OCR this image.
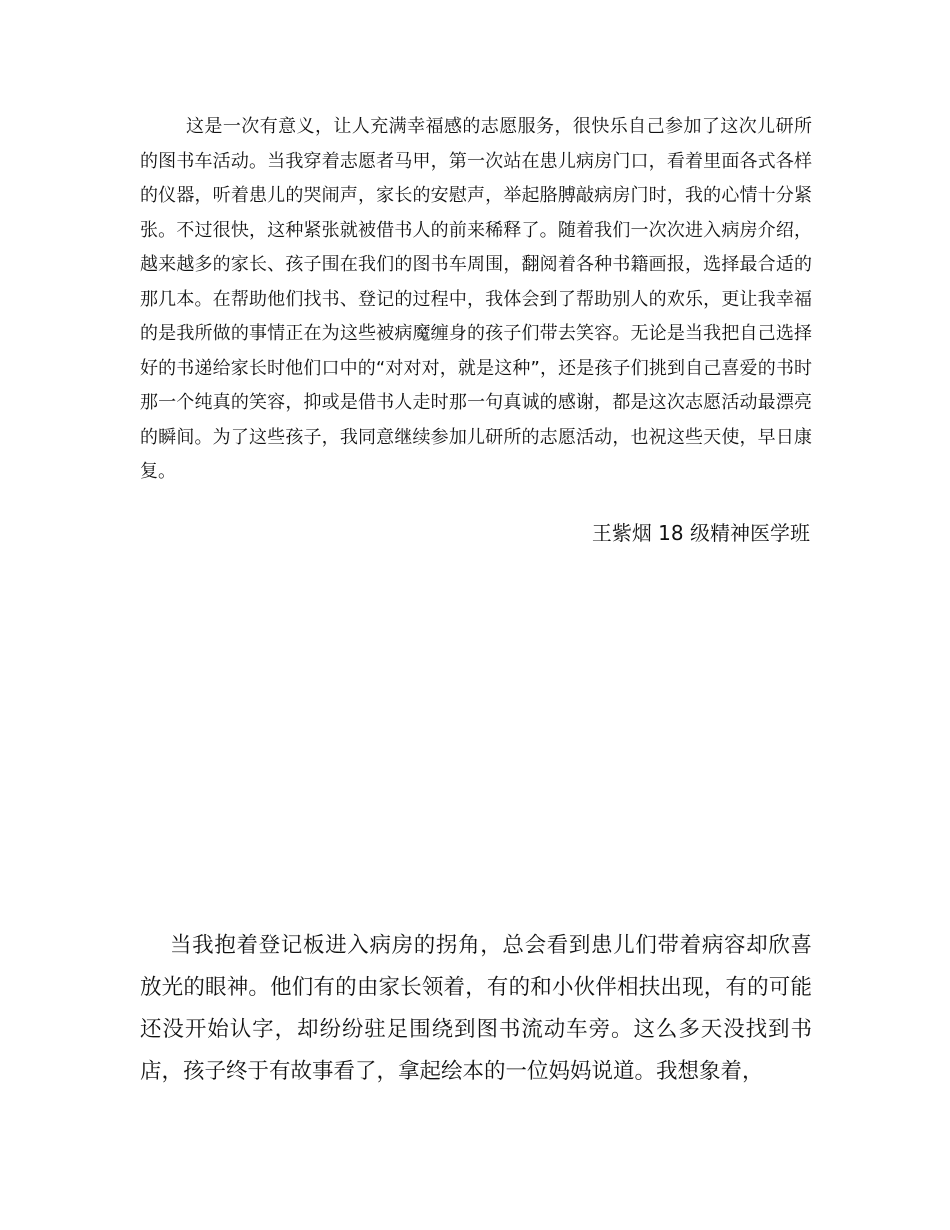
这是一次有意义，让人充满幸福感的志愿服务，很快乐自己参加了这次儿研所的图书车活动。当我穿着志愿者马甲，第一次站在患儿病房门口，看着里面各式各样的仪器，听着患儿的哭闹声，家长的安慰声，举起胳膊敲病房门时，我的心情十分紧张。不过很快，这种紧张就被借书人的前来稀释了。随着我们一次次进入病房介绍，越来越多的家长、孩子围在我们的图书车周围，翻阅着各种书籍画报，选择最合适的那几本。在帮助他们找书、登记的过程中，我体会到了帮助别人的欢乐，更让我幸福的是我所做的事情正在为这些被病魔缠身的孩子们带去笑容。无论是当我把自己选择好的书递给家长时他们口中的“对对对，就是这种”，还是孩子们挑到自己喜爱的书时那一个纯真的笑容，抑或是借书人走时那一句真诚的感谢，都是这次志愿活动最漂亮的瞬间。为了这些孩子，我同意继续参加儿研所的志愿活动，也祝这些天使，早日康复。

王紫烟 18 级精神医学班

当我抱着登记板进入病房的拐角，总会看到患儿们带着病容却欣喜放光的眼神。他们有的由家长领着，有的和小伙伴相扶出现，有的可能还没开始认字，却纷纷驻足围绕到图书流动车旁。这么多天没找到书店，孩子终于有故事看了，拿起绘本的一位妈妈说道。我想象着，
